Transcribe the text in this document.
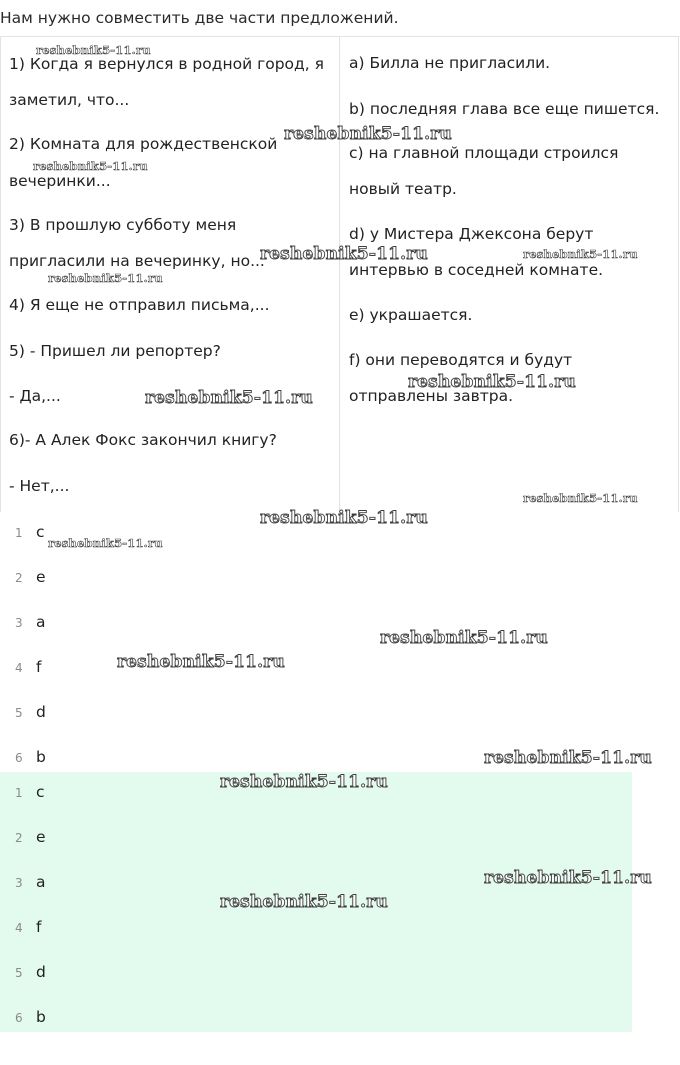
Нам нужно совместить две части предложений.
1) Когда я вернулся в родной город, я
заметил, что...
2) Комната для рождественской
вечеринки...
3) В прошлую субботу меня
пригласили на вечеринку, но...
4) Я еще не отправил письма,...
5) - Пришел ли репортер?
- Да,...
6)- А Алек Фокс закончил книгу?
- Нет,...
a) Билла не пригласили.
b) последняя глава все еще пишется.
c) на главной площади строился
новый театр.
d) у Мистера Джексона берут
интервью в соседней комнате.
e) украшается.
f) они переводятся и будут
отправлены завтра.
1 c
2 e
3 a
4 f
5 d
6 b
1 c
2 e
3 a
4 f
5 d
6 b
reshebnik5-11.ru
reshebnik5-11.ru
reshebnik5-11.ru
reshebnik5-11.ru	reshebnik5-11.ru
reshebnik5-11.ru
reshebnik5-11.ru
reshebnik5-11.ru
reshebnik5-11.ru
reshebnik5-11.ru
reshebnik5-11.ru
reshebnik5-11.ru
reshebnik5-11.ru
reshebnik5-11.ru
reshebnik5-11.ru
reshebnik5-11.ru
reshebnik5-11.ru
